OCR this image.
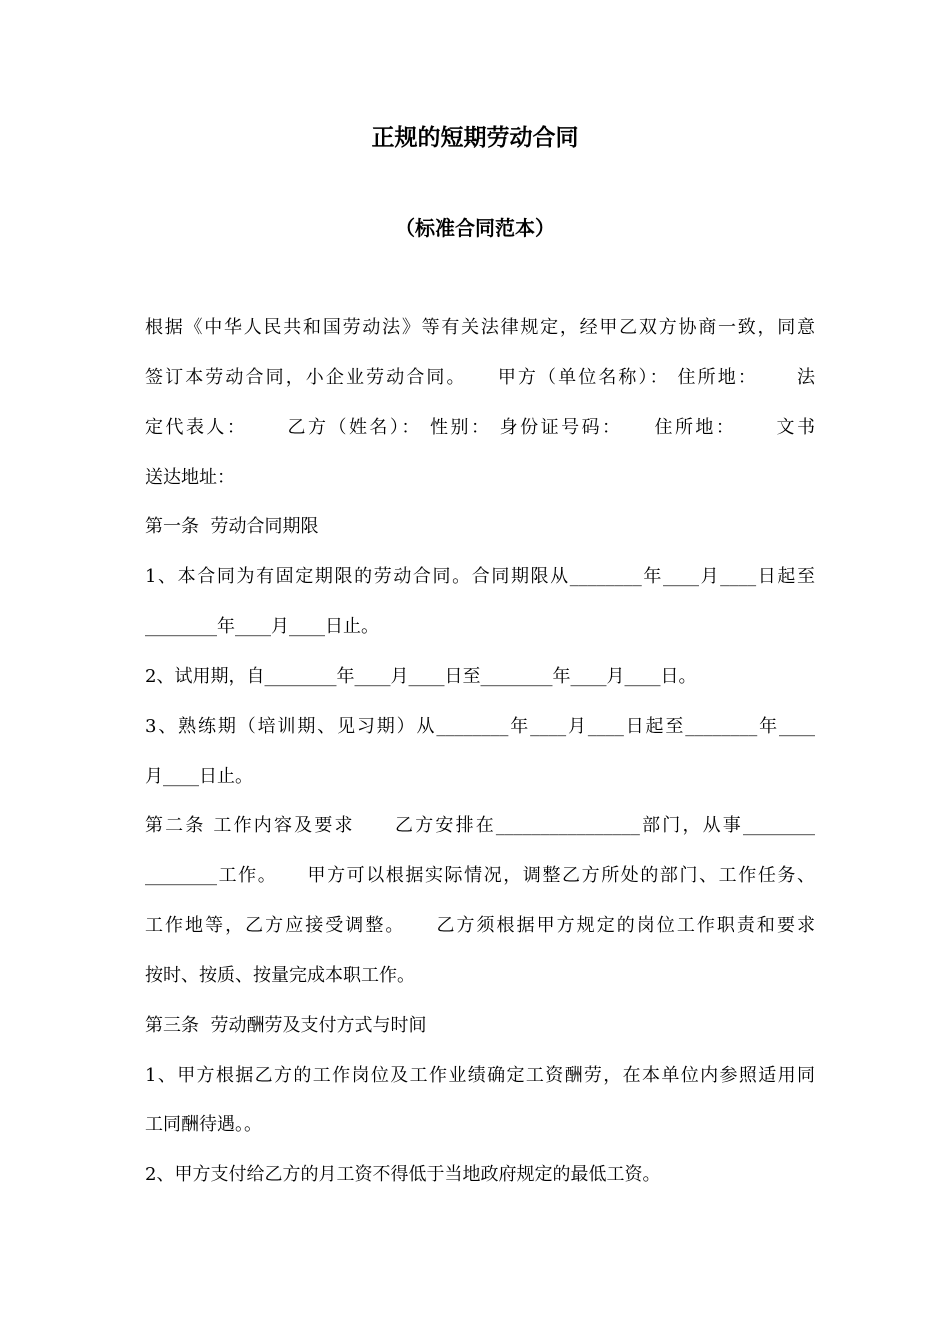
正规的短期劳动合同
（标准合同范本）
根据《中华人民共和国劳动法》等有关法律规定，经甲乙双方协商一致，同意
签订本劳动合同，小企业劳动合同。　　甲方（单位名称）： 住所地：　　 法
定代表人：　　 乙方（姓名）： 性别： 身份证号码：　　住所地：　　 文书
送达地址：
第一条  劳动合同期限
1、本合同为有固定期限的劳动合同。合同期限从________年____月____日起至
________年____月____日止。
2、试用期，自________年____月____日至________年____月____日。
3、熟练期（培训期、见习期）从________年____月____日起至________年____
月____日止。
第二条 工作内容及要求　　乙方安排在________________部门，从事________
________工作。　　甲方可以根据实际情况，调整乙方所处的部门、工作任务、
工作地等，乙方应接受调整。　　乙方须根据甲方规定的岗位工作职责和要求
按时、按质、按量完成本职工作。
第三条  劳动酬劳及支付方式与时间
1、甲方根据乙方的工作岗位及工作业绩确定工资酬劳，在本单位内参照适用同
工同酬待遇。。
2、甲方支付给乙方的月工资不得低于当地政府规定的最低工资。
